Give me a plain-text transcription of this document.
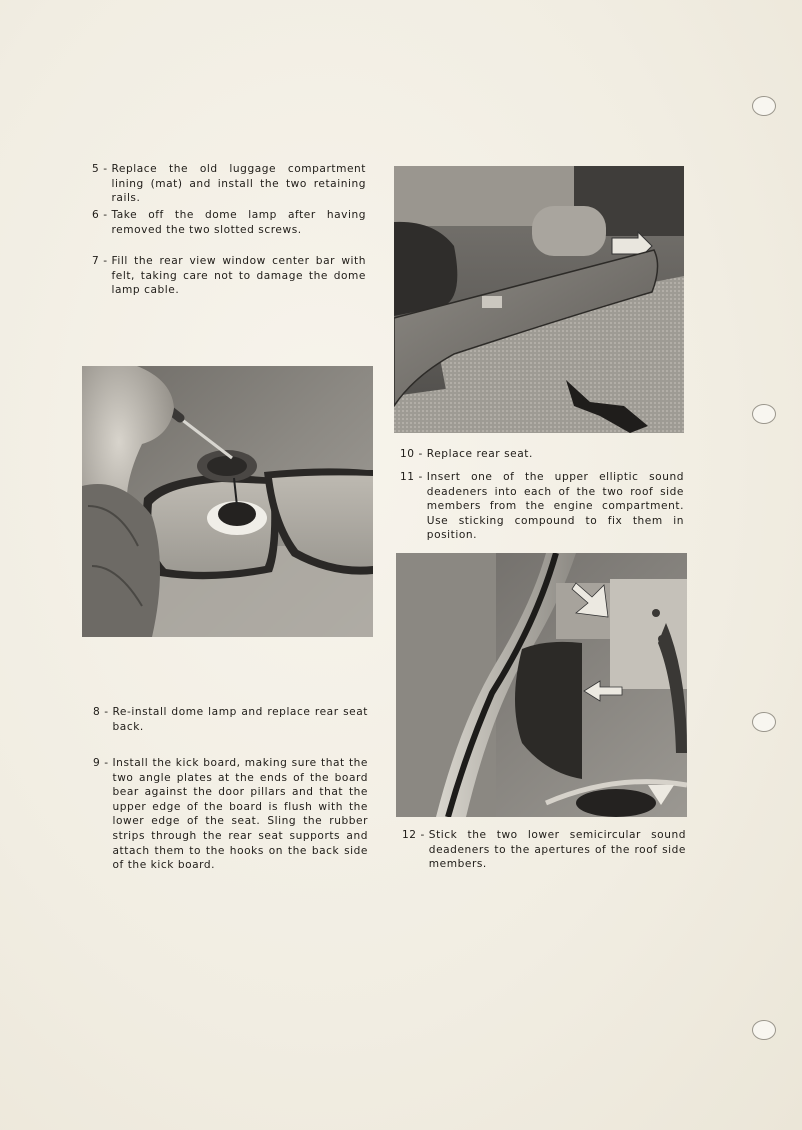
5 - Replace the old luggage compartment lining (mat) and install the two retaining rails.
6 - Take off the dome lamp after having removed the two slotted screws.
7 - Fill the rear view window center bar with felt, taking care not to damage the dome lamp cable.
8 - Re-install dome lamp and replace rear seat back.
9 - Install the kick board, making sure that the two angle plates at the ends of the board bear against the door pillars and that the upper edge of the board is flush with the lower edge of the seat. Sling the rubber strips through the rear seat supports and attach them to the hooks on the back side of the kick board.
10 - Replace rear seat.
11 - Insert one of the upper elliptic sound deadeners into each of the two roof side members from the engine compartment. Use sticking compound to fix them in position.
12 - Stick the two lower semicircular sound deadeners to the apertures of the roof side members.
